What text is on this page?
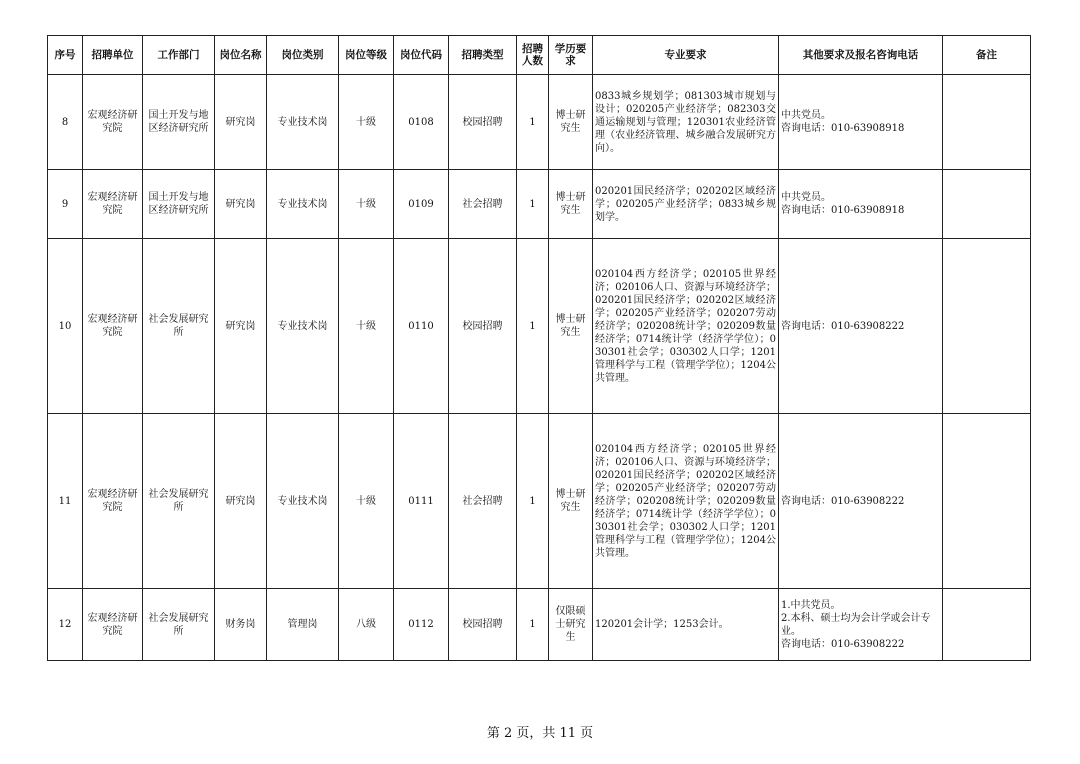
序号	招聘单位	工作部门	岗位名称	岗位类别	岗位等级	岗位代码	招聘类型	招聘人数	学历要求	专业要求	其他要求及报名咨询电话	备注
8	宏观经济研究院	国土开发与地区经济研究所	研究岗	专业技术岗	十级	0108	校园招聘	1	博士研究生	0833城乡规划学；081303城市规划与设计；020205产业经济学；082303交通运输规划与管理；120301农业经济管理（农业经济管理、城乡融合发展研究方向）。	中共党员。
咨询电话：010-63908918	

9	宏观经济研究院	国土开发与地区经济研究所	研究岗	专业技术岗	十级	0109	社会招聘	1	博士研究生	020201国民经济学；020202区域经济学；020205产业经济学；0833城乡规划学。	中共党员。
咨询电话：010-63908918	

10	宏观经济研究院	社会发展研究所	研究岗	专业技术岗	十级	0110	校园招聘	1	博士研究生	020104西方经济学；020105世界经济；020106人口、资源与环境经济学；020201国民经济学；020202区域经济学；020205产业经济学；020207劳动经济学；020208统计学；020209数量经济学；0714统计学（经济学学位）；030301社会学；030302人口学；1201管理科学与工程（管理学学位）；1204公共管理。	咨询电话：010-63908222	

11	宏观经济研究院	社会发展研究所	研究岗	专业技术岗	十级	0111	社会招聘	1	博士研究生	020104西方经济学；020105世界经济；020106人口、资源与环境经济学；020201国民经济学；020202区域经济学；020205产业经济学；020207劳动经济学；020208统计学；020209数量经济学；0714统计学（经济学学位）；030301社会学；030302人口学；1201管理科学与工程（管理学学位）；1204公共管理。	咨询电话：010-63908222	

12	宏观经济研究院	社会发展研究所	财务岗	管理岗	八级	0112	校园招聘	1	仅限硕士研究生	120201会计学；1253会计。	1.中共党员。
2.本科、硕士均为会计学或会计专业。
咨询电话：010-63908222	

第 2 页，共 11 页
